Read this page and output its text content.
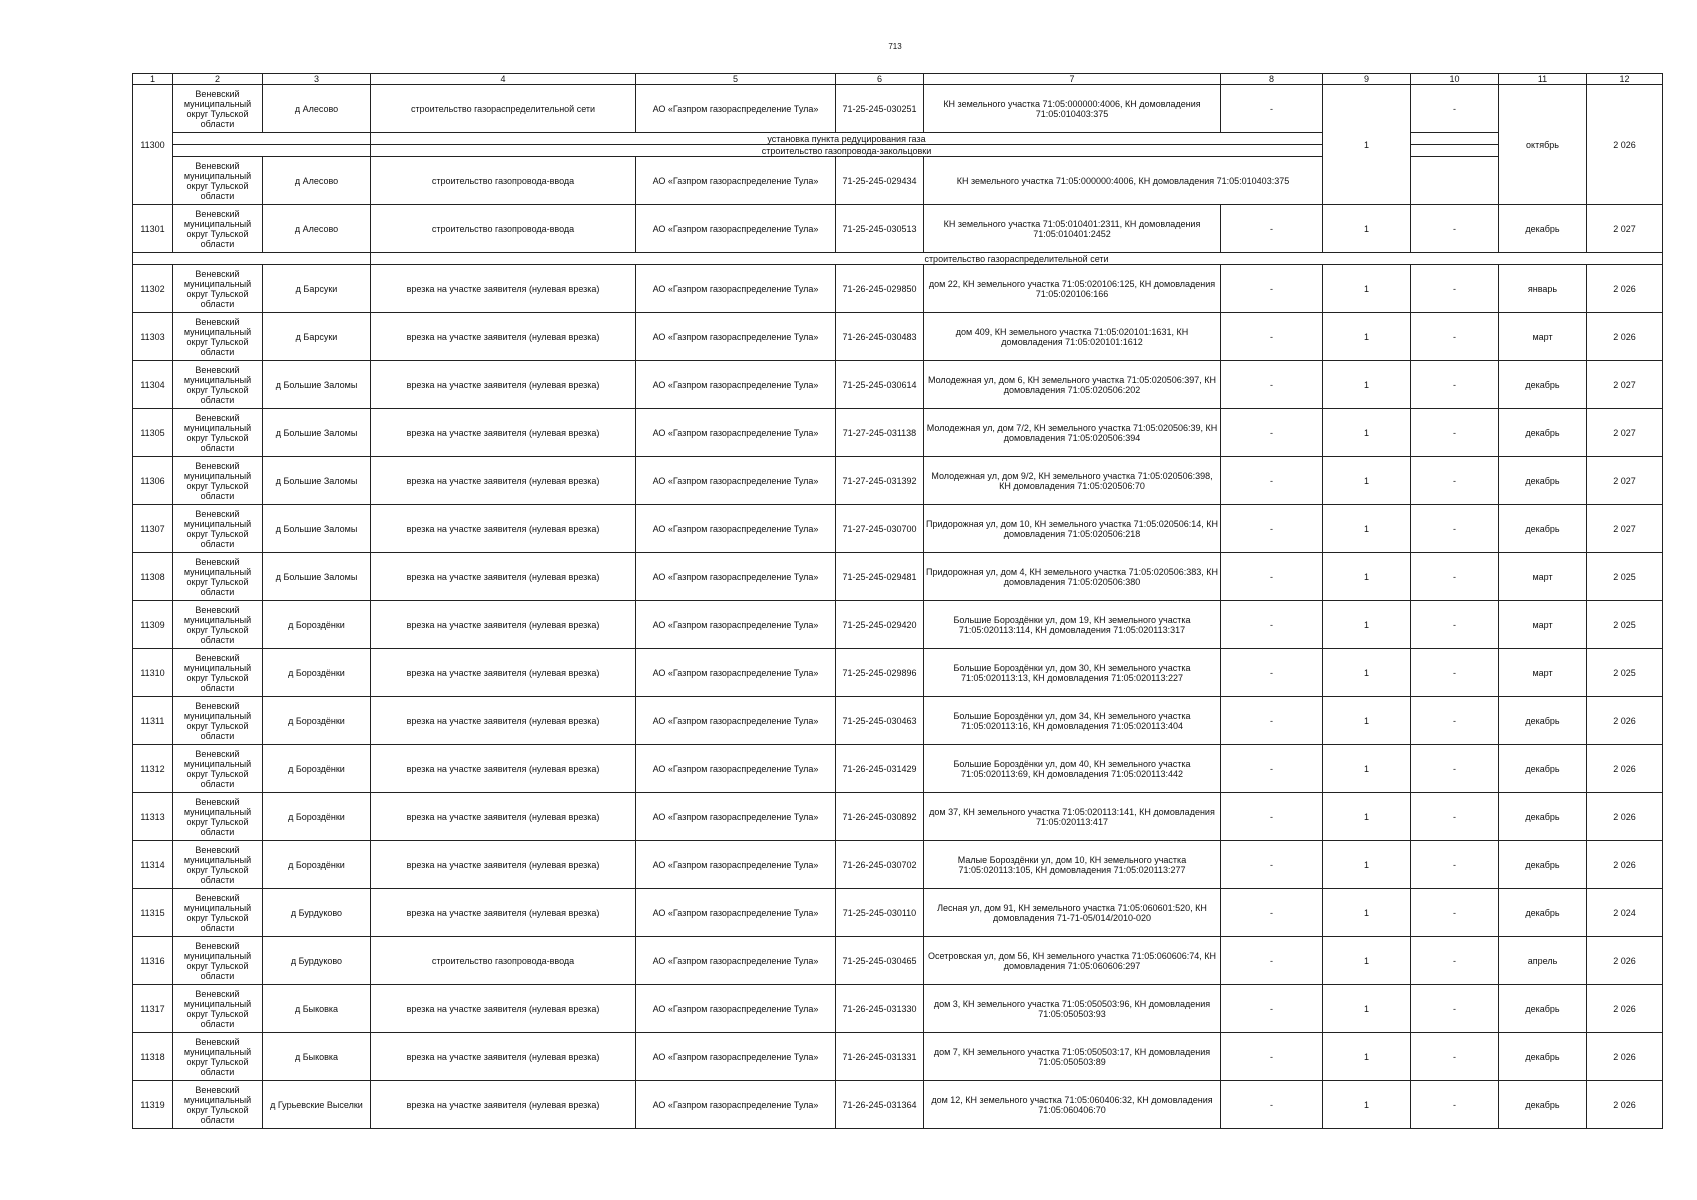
713
1	2	3	4	5	6	7	8	9	10	11	12
11300	Веневский муниципальный округ Тульской области	д Алесово	строительство газораспределительной сети	АО «Газпром газораспределение Тула»	71-25-245-030251	КН земельного участка 71:05:000000:4006, КН домовладения 71:05:010403:375	-	1	-	октябрь	2 026
			установка пункта редуцирования газа								
			строительство газопровода-закольцовки								
	Веневский муниципальный округ Тульской области	д Алесово	строительство газопровода-ввода	АО «Газпром газораспределение Тула»	71-25-245-029434	КН земельного участка 71:05:000000:4006, КН домовладения 71:05:010403:375					
11301	Веневский муниципальный округ Тульской области	д Алесово	строительство газопровода-ввода	АО «Газпром газораспределение Тула»	71-25-245-030513	КН земельного участка 71:05:010401:2311, КН домовладения 71:05:010401:2452	-	1	-	декабрь	2 027
			строительство газораспределительной сети								
11302	Веневский муниципальный округ Тульской области	д Барсуки	врезка на участке заявителя (нулевая врезка)	АО «Газпром газораспределение Тула»	71-26-245-029850	дом 22, КН земельного участка 71:05:020106:125, КН домовладения 71:05:020106:166	-	1	-	январь	2 026
11303	Веневский муниципальный округ Тульской области	д Барсуки	врезка на участке заявителя (нулевая врезка)	АО «Газпром газораспределение Тула»	71-26-245-030483	дом 409, КН земельного участка 71:05:020101:1631, КН домовладения 71:05:020101:1612	-	1	-	март	2 026
11304	Веневский муниципальный округ Тульской области	д Большие Заломы	врезка на участке заявителя (нулевая врезка)	АО «Газпром газораспределение Тула»	71-25-245-030614	Молодежная ул, дом 6, КН земельного участка 71:05:020506:397, КН домовладения 71:05:020506:202	-	1	-	декабрь	2 027
11305	Веневский муниципальный округ Тульской области	д Большие Заломы	врезка на участке заявителя (нулевая врезка)	АО «Газпром газораспределение Тула»	71-27-245-031138	Молодежная ул, дом 7/2, КН земельного участка 71:05:020506:39, КН домовладения 71:05:020506:394	-	1	-	декабрь	2 027
11306	Веневский муниципальный округ Тульской области	д Большие Заломы	врезка на участке заявителя (нулевая врезка)	АО «Газпром газораспределение Тула»	71-27-245-031392	Молодежная ул, дом 9/2, КН земельного участка 71:05:020506:398, КН домовладения 71:05:020506:70	-	1	-	декабрь	2 027
11307	Веневский муниципальный округ Тульской области	д Большие Заломы	врезка на участке заявителя (нулевая врезка)	АО «Газпром газораспределение Тула»	71-27-245-030700	Придорожная ул, дом 10, КН земельного участка 71:05:020506:14, КН домовладения 71:05:020506:218	-	1	-	декабрь	2 027
11308	Веневский муниципальный округ Тульской области	д Большие Заломы	врезка на участке заявителя (нулевая врезка)	АО «Газпром газораспределение Тула»	71-25-245-029481	Придорожная ул, дом 4, КН земельного участка 71:05:020506:383, КН домовладения 71:05:020506:380	-	1	-	март	2 025
11309	Веневский муниципальный округ Тульской области	д Бороздёнки	врезка на участке заявителя (нулевая врезка)	АО «Газпром газораспределение Тула»	71-25-245-029420	Большие Бороздёнки ул, дом 19, КН земельного участка 71:05:020113:114, КН домовладения 71:05:020113:317	-	1	-	март	2 025
11310	Веневский муниципальный округ Тульской области	д Бороздёнки	врезка на участке заявителя (нулевая врезка)	АО «Газпром газораспределение Тула»	71-25-245-029896	Большие Бороздёнки ул, дом 30, КН земельного участка 71:05:020113:13, КН домовладения 71:05:020113:227	-	1	-	март	2 025
11311	Веневский муниципальный округ Тульской области	д Бороздёнки	врезка на участке заявителя (нулевая врезка)	АО «Газпром газораспределение Тула»	71-25-245-030463	Большие Бороздёнки ул, дом 34, КН земельного участка 71:05:020113:16, КН домовладения 71:05:020113:404	-	1	-	декабрь	2 026
11312	Веневский муниципальный округ Тульской области	д Бороздёнки	врезка на участке заявителя (нулевая врезка)	АО «Газпром газораспределение Тула»	71-26-245-031429	Большие Бороздёнки ул, дом 40, КН земельного участка 71:05:020113:69, КН домовладения 71:05:020113:442	-	1	-	декабрь	2 026
11313	Веневский муниципальный округ Тульской области	д Бороздёнки	врезка на участке заявителя (нулевая врезка)	АО «Газпром газораспределение Тула»	71-26-245-030892	дом 37, КН земельного участка 71:05:020113:141, КН домовладения 71:05:020113:417	-	1	-	декабрь	2 026
11314	Веневский муниципальный округ Тульской области	д Бороздёнки	врезка на участке заявителя (нулевая врезка)	АО «Газпром газораспределение Тула»	71-26-245-030702	Малые Бороздёнки ул, дом 10, КН земельного участка 71:05:020113:105, КН домовладения 71:05:020113:277	-	1	-	декабрь	2 026
11315	Веневский муниципальный округ Тульской области	д Бурдуково	врезка на участке заявителя (нулевая врезка)	АО «Газпром газораспределение Тула»	71-25-245-030110	Лесная ул, дом 91, КН земельного участка 71:05:060601:520, КН домовладения 71-71-05/014/2010-020	-	1	-	декабрь	2 024
11316	Веневский муниципальный округ Тульской области	д Бурдуково	строительство газопровода-ввода	АО «Газпром газораспределение Тула»	71-25-245-030465	Осетровская ул, дом 56, КН земельного участка 71:05:060606:74, КН домовладения 71:05:060606:297	-	1	-	апрель	2 026
11317	Веневский муниципальный округ Тульской области	д Быковка	врезка на участке заявителя (нулевая врезка)	АО «Газпром газораспределение Тула»	71-26-245-031330	дом 3, КН земельного участка 71:05:050503:96, КН домовладения 71:05:050503:93	-	1	-	декабрь	2 026
11318	Веневский муниципальный округ Тульской области	д Быковка	врезка на участке заявителя (нулевая врезка)	АО «Газпром газораспределение Тула»	71-26-245-031331	дом 7, КН земельного участка 71:05:050503:17, КН домовладения 71:05:050503:89	-	1	-	декабрь	2 026
11319	Веневский муниципальный округ Тульской области	д Гурьевские Выселки	врезка на участке заявителя (нулевая врезка)	АО «Газпром газораспределение Тула»	71-26-245-031364	дом 12, КН земельного участка 71:05:060406:32, КН домовладения 71:05:060406:70	-	1	-	декабрь	2 026
